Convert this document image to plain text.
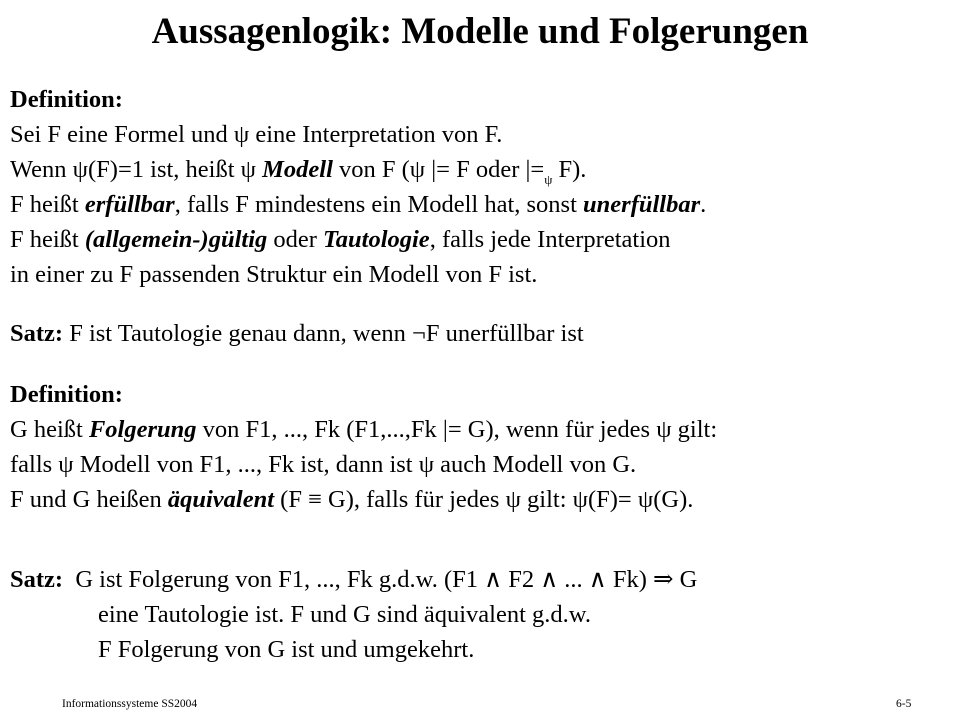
Aussagenlogik: Modelle und Folgerungen
Definition:
Sei F eine Formel und ψ eine Interpretation von F.
Wenn ψ(F)=1 ist, heißt ψ Modell von F (ψ |= F oder $|=_\psi$ F).
F heißt erfüllbar, falls F mindestens ein Modell hat, sonst unerfüllbar.
F heißt (allgemein-)gültig oder Tautologie, falls jede Interpretation
in einer zu F passenden Struktur ein Modell von F ist.
Satz: F ist Tautologie genau dann, wenn ¬F unerfüllbar ist
Definition:
G heißt Folgerung von F1, ..., Fk (F1,...,Fk |= G), wenn für jedes ψ gilt:
falls ψ Modell von F1, ..., Fk ist, dann ist ψ auch Modell von G.
F und G heißen äquivalent (F ≡ G), falls für jedes ψ gilt: ψ(F)= ψ(G).
Satz:  G ist Folgerung von F1, ..., Fk g.d.w. (F1 ∧ F2 ∧ ... ∧ Fk) ⇒ G
eine Tautologie ist. F und G sind äquivalent g.d.w.
F Folgerung von G ist und umgekehrt.
Informationssysteme SS2004	6-5
